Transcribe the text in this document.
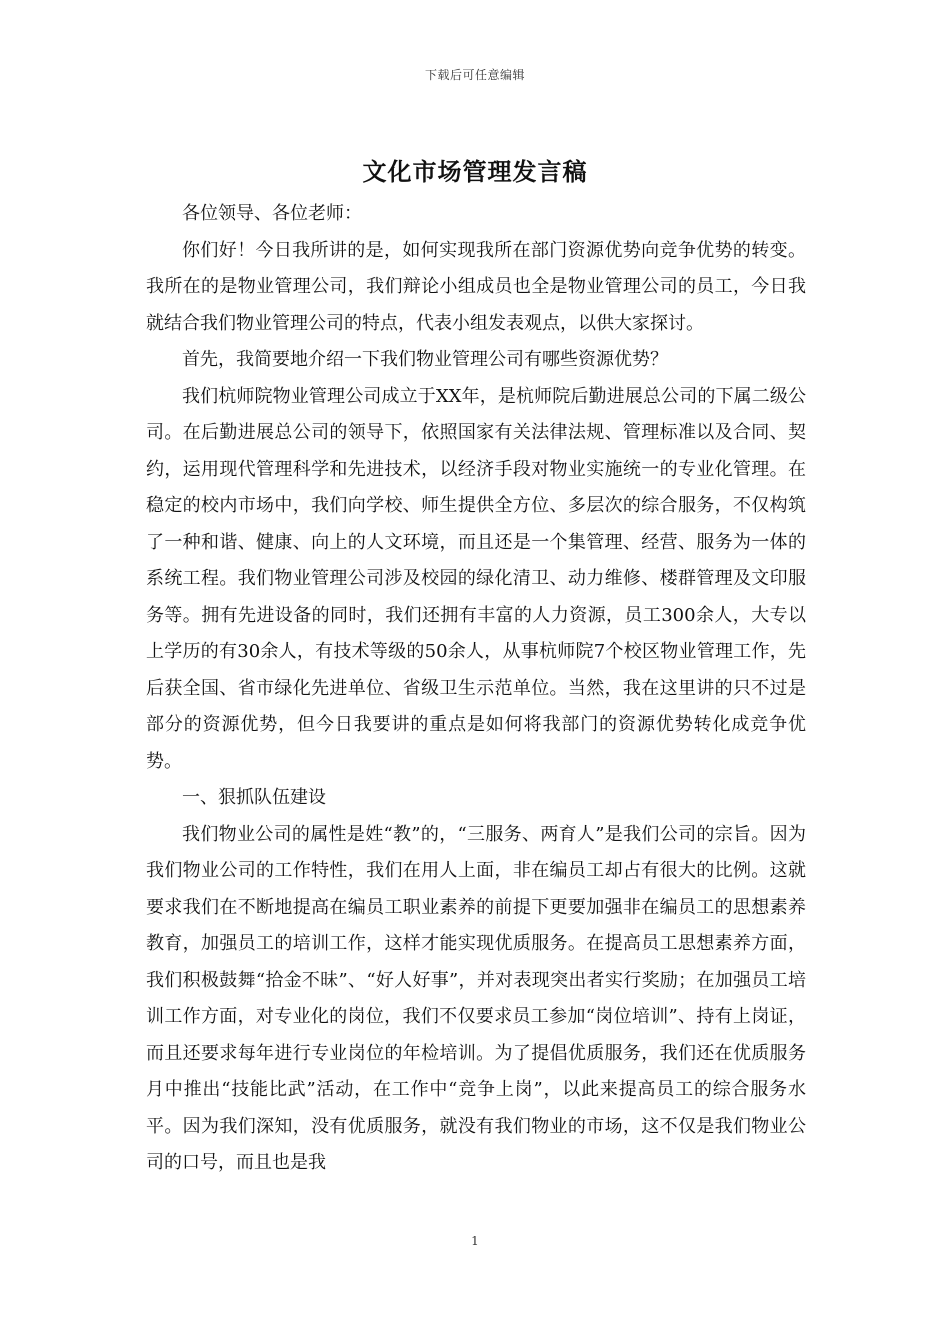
下载后可任意编辑
文化市场管理发言稿

各位领导、各位老师：

你们好！今日我所讲的是，如何实现我所在部门资源优势向竞争优势的转变。我所在的是物业管理公司，我们辩论小组成员也全是物业管理公司的员工，今日我就结合我们物业管理公司的特点，代表小组发表观点，以供大家探讨。

首先，我简要地介绍一下我们物业管理公司有哪些资源优势？

我们杭师院物业管理公司成立于XX年，是杭师院后勤进展总公司的下属二级公司。在后勤进展总公司的领导下，依照国家有关法律法规、管理标准以及合同、契约，运用现代管理科学和先进技术，以经济手段对物业实施统一的专业化管理。在稳定的校内市场中，我们向学校、师生提供全方位、多层次的综合服务，不仅构筑了一种和谐、健康、向上的人文环境，而且还是一个集管理、经营、服务为一体的系统工程。我们物业管理公司涉及校园的绿化清卫、动力维修、楼群管理及文印服务等。拥有先进设备的同时，我们还拥有丰富的人力资源，员工300余人，大专以上学历的有30余人，有技术等级的50余人，从事杭师院7个校区物业管理工作，先后获全国、省市绿化先进单位、省级卫生示范单位。当然，我在这里讲的只不过是部分的资源优势，但今日我要讲的重点是如何将我部门的资源优势转化成竞争优势。

一、狠抓队伍建设

我们物业公司的属性是姓“教”的，“三服务、两育人”是我们公司的宗旨。因为我们物业公司的工作特性，我们在用人上面，非在编员工却占有很大的比例。这就要求我们在不断地提高在编员工职业素养的前提下更要加强非在编员工的思想素养教育，加强员工的培训工作，这样才能实现优质服务。在提高员工思想素养方面，我们积极鼓舞“拾金不昧”、“好人好事”，并对表现突出者实行奖励；在加强员工培训工作方面，对专业化的岗位，我们不仅要求员工参加“岗位培训”、持有上岗证，而且还要求每年进行专业岗位的年检培训。为了提倡优质服务，我们还在优质服务月中推出“技能比武”活动，在工作中“竞争上岗”，以此来提高员工的综合服务水平。因为我们深知，没有优质服务，就没有我们物业的市场，这不仅是我们物业公司的口号，而且也是我

1
